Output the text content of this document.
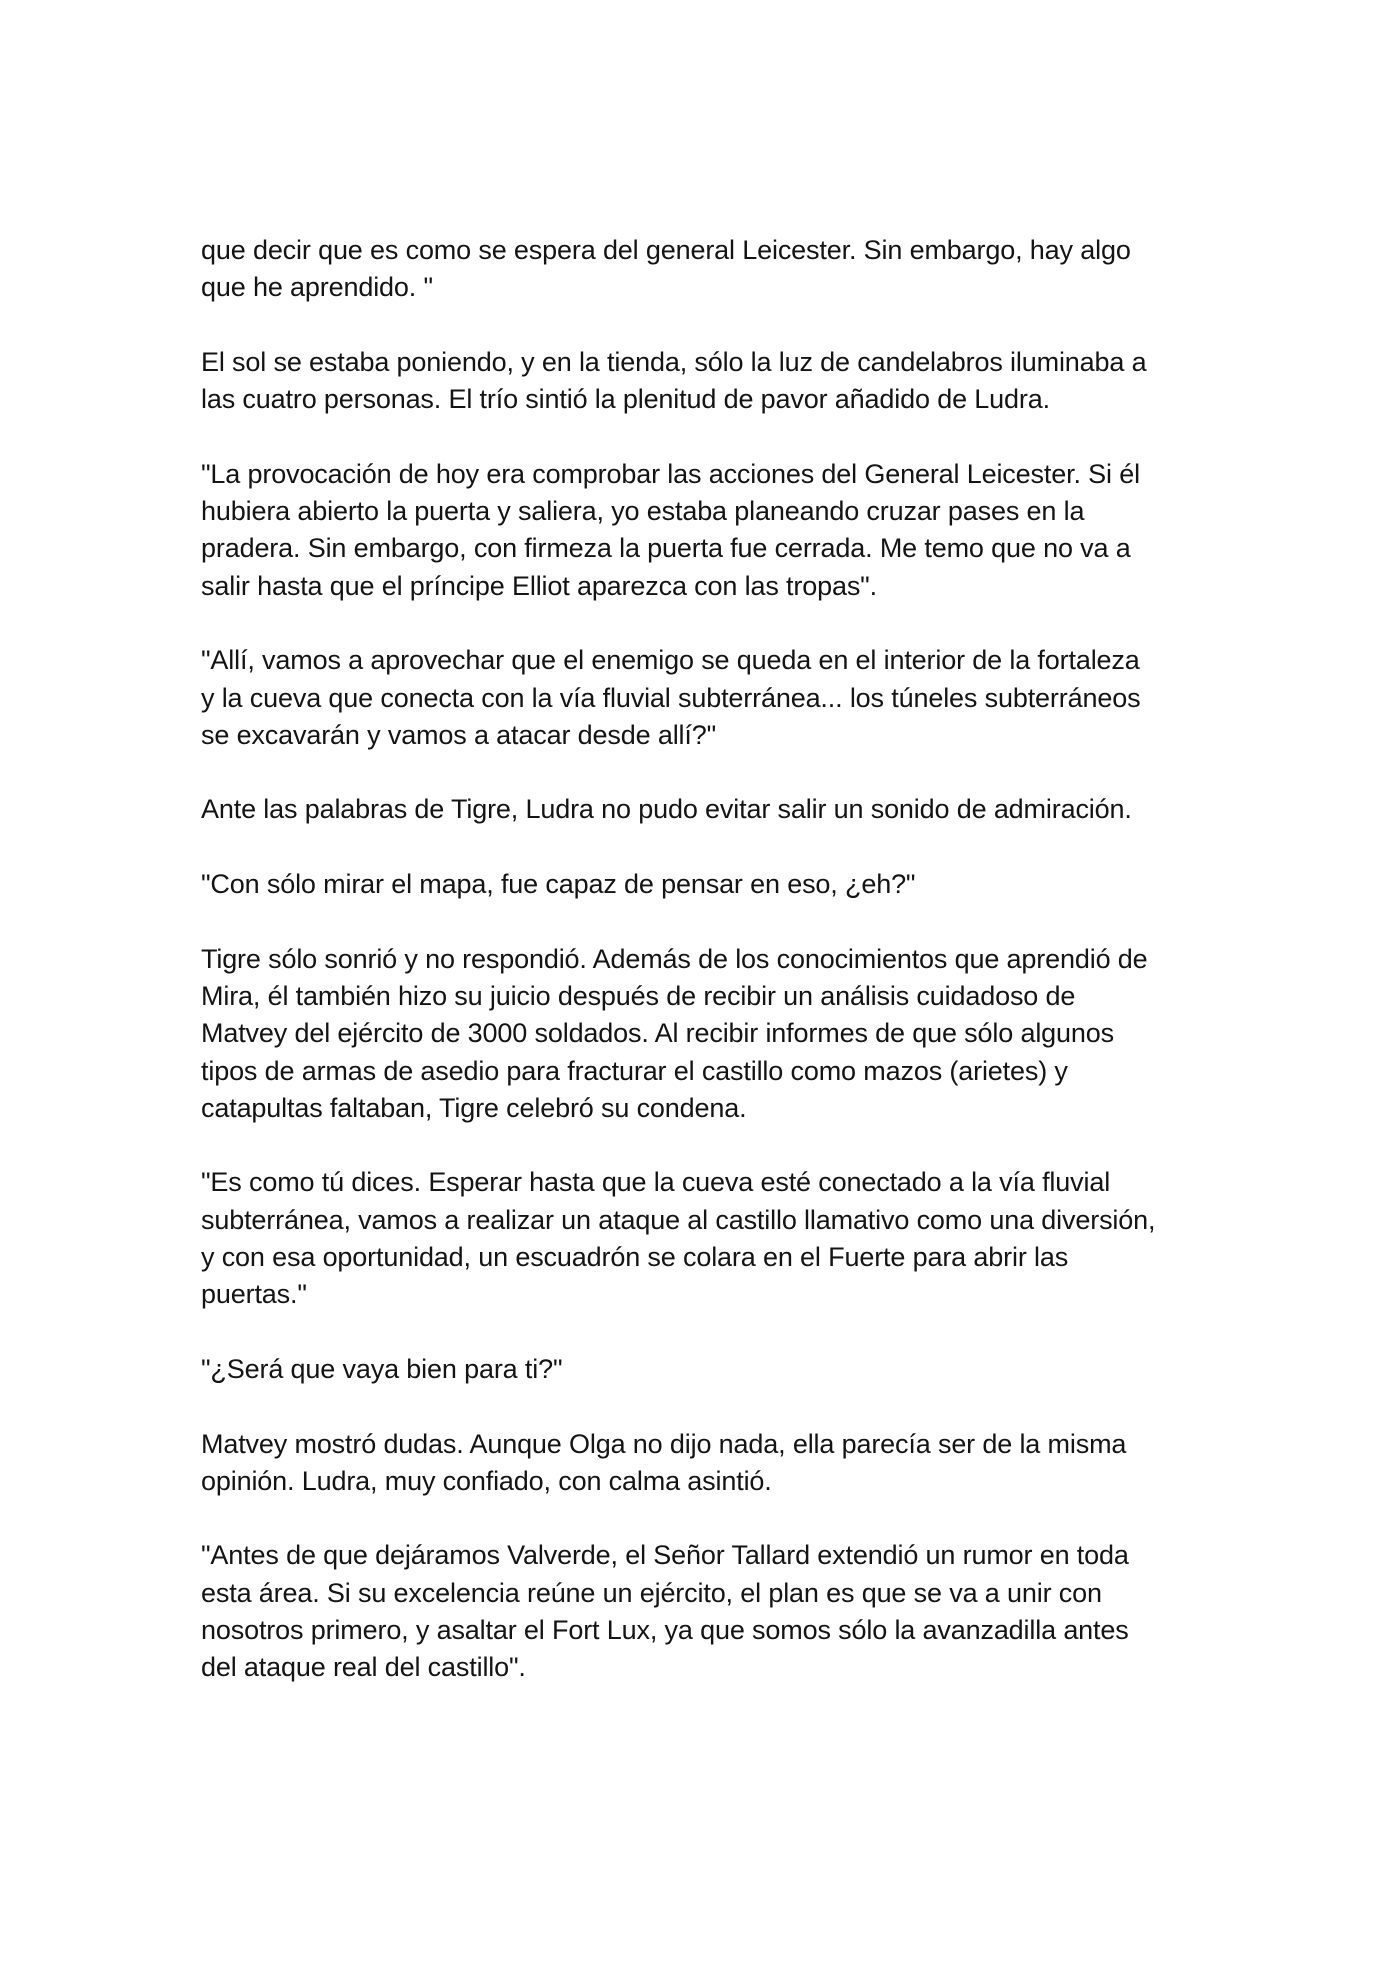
que decir que es como se espera del general Leicester. Sin embargo, hay algo
que he aprendido. "

El sol se estaba poniendo, y en la tienda, sólo la luz de candelabros iluminaba a
las cuatro personas. El trío sintió la plenitud de pavor añadido de Ludra.

"La provocación de hoy era comprobar las acciones del General Leicester. Si él
hubiera abierto la puerta y saliera, yo estaba planeando cruzar pases en la
pradera. Sin embargo, con firmeza la puerta fue cerrada. Me temo que no va a
salir hasta que el príncipe Elliot aparezca con las tropas".

"Allí, vamos a aprovechar que el enemigo se queda en el interior de la fortaleza
y la cueva que conecta con la vía fluvial subterránea... los túneles subterráneos
se excavarán y vamos a atacar desde allí?"

Ante las palabras de Tigre, Ludra no pudo evitar salir un sonido de admiración.

"Con sólo mirar el mapa, fue capaz de pensar en eso, ¿eh?"

Tigre sólo sonrió y no respondió. Además de los conocimientos que aprendió de
Mira, él también hizo su juicio después de recibir un análisis cuidadoso de
Matvey del ejército de 3000 soldados. Al recibir informes de que sólo algunos
tipos de armas de asedio para fracturar el castillo como mazos (arietes) y
catapultas faltaban, Tigre celebró su condena.

"Es como tú dices. Esperar hasta que la cueva esté conectado a la vía fluvial
subterránea, vamos a realizar un ataque al castillo llamativo como una diversión,
y con esa oportunidad, un escuadrón se colara en el Fuerte para abrir las
puertas."

"¿Será que vaya bien para ti?"

Matvey mostró dudas. Aunque Olga no dijo nada, ella parecía ser de la misma
opinión. Ludra, muy confiado, con calma asintió.

"Antes de que dejáramos Valverde, el Señor Tallard extendió un rumor en toda
esta área. Si su excelencia reúne un ejército, el plan es que se va a unir con
nosotros primero, y asaltar el Fort Lux, ya que somos sólo la avanzadilla antes
del ataque real del castillo".
